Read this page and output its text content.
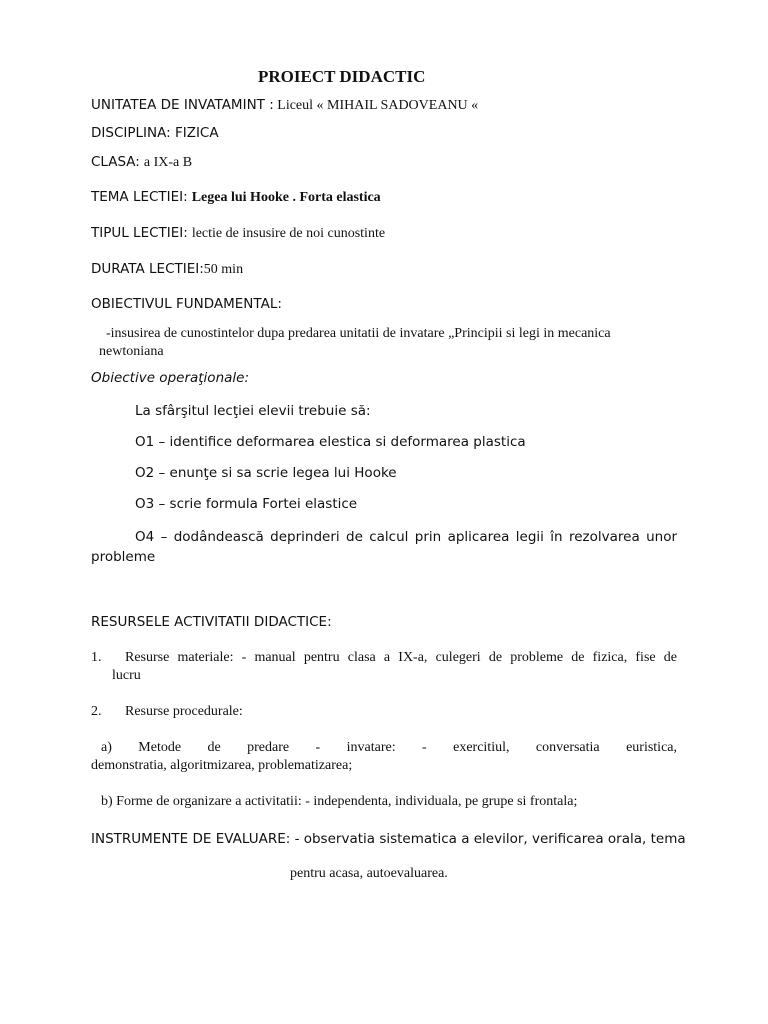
PROIECT DIDACTIC
UNITATEA DE INVATAMINT : Liceul « MIHAIL SADOVEANU «
DISCIPLINA: FIZICA
CLASA: a IX-a B
TEMA LECTIEI: Legea lui Hooke . Forta elastica
TIPUL LECTIEI: lectie de insusire de noi cunostinte
DURATA LECTIEI:50 min
OBIECTIVUL FUNDAMENTAL:
-insusirea de cunostintelor dupa predarea unitatii de invatare „Principii si legi in mecanica
newtoniana
Obiective operaţionale:
La sfârşitul lecţiei elevii trebuie să:
O1 – identifice deformarea elestica si deformarea plastica
O2 – enunţe si sa scrie legea lui Hooke
O3 – scrie formula Fortei elastice
O4 – dodândească deprinderi de calcul prin aplicarea legii în rezolvarea unor
probleme
RESURSELE ACTIVITATII DIDACTICE:
1. Resurse materiale: - manual pentru clasa a IX-a, culegeri de probleme de fizica, fise de
lucru
2. Resurse procedurale:
a) Metode de predare - invatare: - exercitiul, conversatia euristica,
demonstratia, algoritmizarea, problematizarea;
b) Forme de organizare a activitatii: - independenta, individuala, pe grupe si frontala;
INSTRUMENTE DE EVALUARE: - observatia sistematica a elevilor, verificarea orala, tema
pentru acasa, autoevaluarea.
